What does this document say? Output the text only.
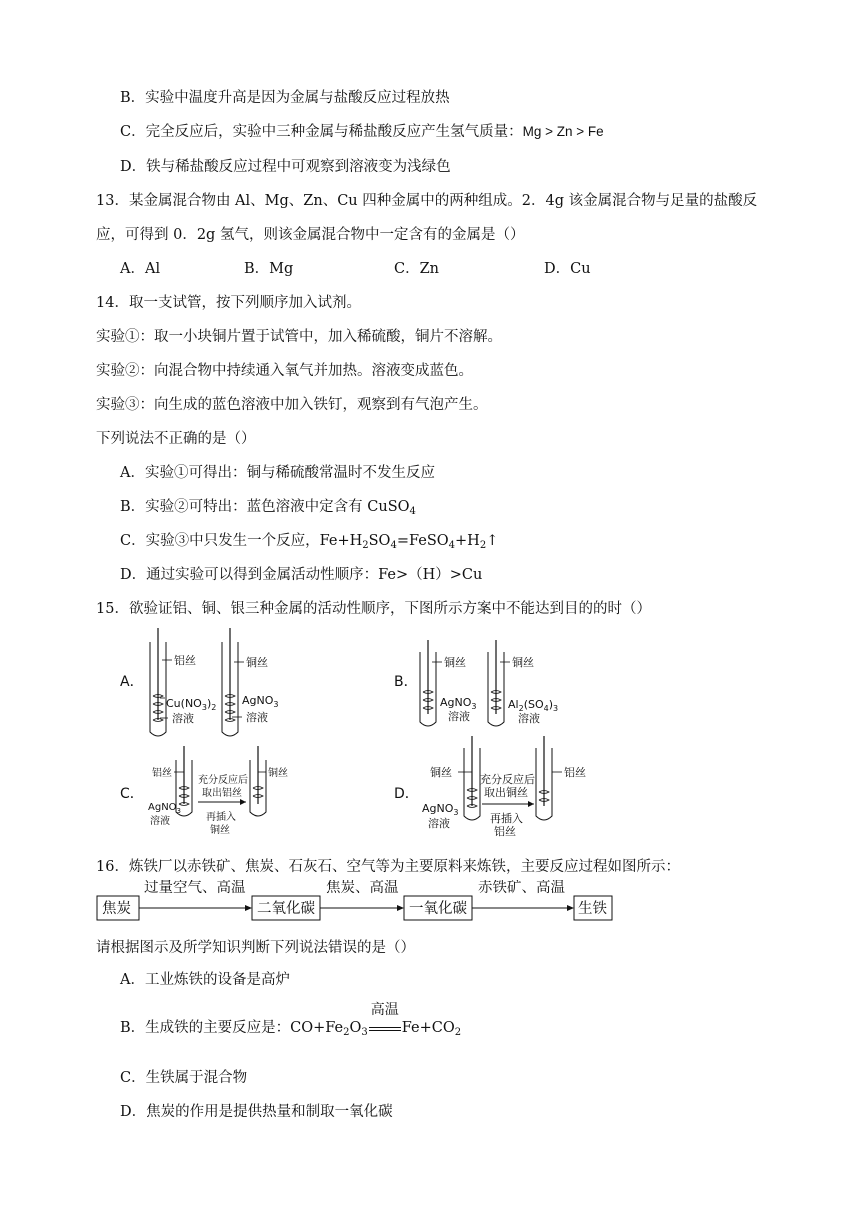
B．实验中温度升高是因为金属与盐酸反应过程放热
C．完全反应后，实验中三种金属与稀盐酸反应产生氢气质量：Mg > Zn > Fe
D．铁与稀盐酸反应过程中可观察到溶液变为浅绿色
13．某金属混合物由 Al、Mg、Zn、Cu 四种金属中的两种组成。2．4g 该金属混合物与足量的盐酸反
应，可得到 0．2g 氢气，则该金属混合物中一定含有的金属是（）
A．Al	B．Mg	C．Zn	D．Cu
14．取一支试管，按下列顺序加入试剂。
实验①：取一小块铜片置于试管中，加入稀硫酸，铜片不溶解。
实验②：向混合物中持续通入氧气并加热。溶液变成蓝色。
实验③：向生成的蓝色溶液中加入铁钉，观察到有气泡产生。
下列说法不正确的是（）
A．实验①可得出：铜与稀硫酸常温时不发生反应
B．实验②可特出：蓝色溶液中定含有 CuSO$_4$
C．实验③中只发生一个反应，$Fe+H_2SO_4=FeSO_4+H_2↑$
D．通过实验可以得到金属活动性顺序：Fe>（H）>Cu
15．欲验证铝、铜、银三种金属的活动性顺序，下图所示方案中不能达到目的的时（）
A．
铝丝
$Cu(NO_3)_2$
溶液
铜丝
AgNO$_3$
溶液
B．
铜丝
AgNO$_3$
溶液
铜丝
$Al_2(SO_4)_3$
溶液
C．
铝丝
AgNO$_3$
溶液
充分反应后
取出铝丝
再插入
铜丝
铜丝
D．
铜丝
AgNO$_3$
溶液
充分反应后
取出铜丝
再插入
铝丝
铝丝
16．炼铁厂以赤铁矿、焦炭、石灰石、空气等为主要原料来炼铁，主要反应过程如图所示：
焦炭
过量空气、高温
二氧化碳
焦炭、高温
一氧化碳
赤铁矿、高温
生铁
请根据图示及所学知识判断下列说法错误的是（）
A．工业炼铁的设备是高炉
B．生成铁的主要反应是：$CO+Fe_2O_3$
高温
$Fe+CO_2$
C．生铁属于混合物
D．焦炭的作用是提供热量和制取一氧化碳
